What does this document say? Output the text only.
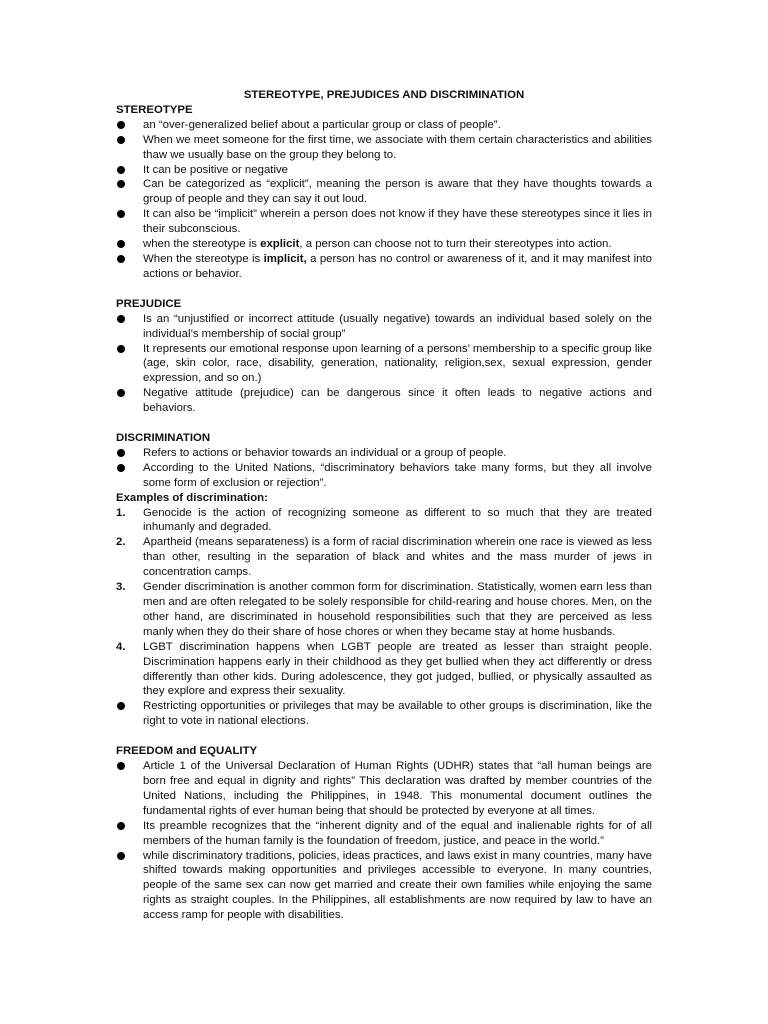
STEREOTYPE, PREJUDICES AND DISCRIMINATION
STEREOTYPE
an “over-generalized belief about a particular group or class of people”.
When we meet someone for the first time, we associate with them certain characteristics and abilities thaw we usually base on the group they belong to.
It can be positive or negative
Can be categorized as “explicit”, meaning the person is aware that they have thoughts towards a group of people and they can say it out loud.
It can also be “implicit” wherein a person does not know if they have these stereotypes since it lies in their subconscious.
when the stereotype is explicit, a person can choose not to turn their stereotypes into action.
When the stereotype is implicit, a person has no control or awareness of it, and it may manifest into actions or behavior.
PREJUDICE
Is an “unjustified or incorrect attitude (usually negative) towards an individual based solely on the individual’s membership of social group”
It represents our emotional response upon learning of a persons’ membership to a specific group like (age, skin color, race, disability, generation, nationality, religion,sex, sexual expression, gender expression, and so on.)
Negative attitude (prejudice) can be dangerous since it often leads to negative actions and behaviors.
DISCRIMINATION
Refers to actions or behavior towards an individual or a group of people.
According to the United Nations, “discriminatory behaviors take many forms, but they all involve some form of exclusion or rejection”.
Examples of discrimination:
1.	Genocide is the action of recognizing someone as different to so much that they are treated inhumanly and degraded.
2.	Apartheid (means separateness) is a form of racial discrimination wherein one race is viewed as less than other, resulting in the separation of black and whites and the mass murder of jews in concentration camps.
3.	Gender discrimination is another common form for discrimination. Statistically, women earn less than men and are often relegated to be solely responsible for child-rearing and house chores. Men, on the other hand, are discriminated in household responsibilities such that they are perceived as less manly when they do their share of hose chores or when they became stay at home husbands.
4.	LGBT discrimination happens when LGBT people are treated as lesser than straight people. Discrimination happens early in their childhood as they get bullied when they act differently or dress differently than other kids. During adolescence, they got judged, bullied, or physically assaulted as they explore and express their sexuality.
Restricting opportunities or privileges that may be available to other groups is discrimination, like the right to vote in national elections.
FREEDOM and EQUALITY
Article 1 of the Universal Declaration of Human Rights (UDHR) states that “all human beings are born free and equal in dignity and rights” This declaration was drafted by member countries of the United Nations, including the Philippines, in 1948. This monumental document outlines the fundamental rights of ever human being that should be protected by everyone at all times.
Its preamble recognizes that the “inherent dignity and of the equal and inalienable rights for of all members of the human family is the foundation of freedom, justice, and peace in the world.”
while discriminatory traditions, policies, ideas practices, and laws exist in many countries, many have shifted towards making opportunities and privileges accessible to everyone. In many countries, people of the same sex can now get married and create their own families while enjoying the same rights as straight couples. In the Philippines, all establishments are now required by law to have an access ramp for people with disabilities.
